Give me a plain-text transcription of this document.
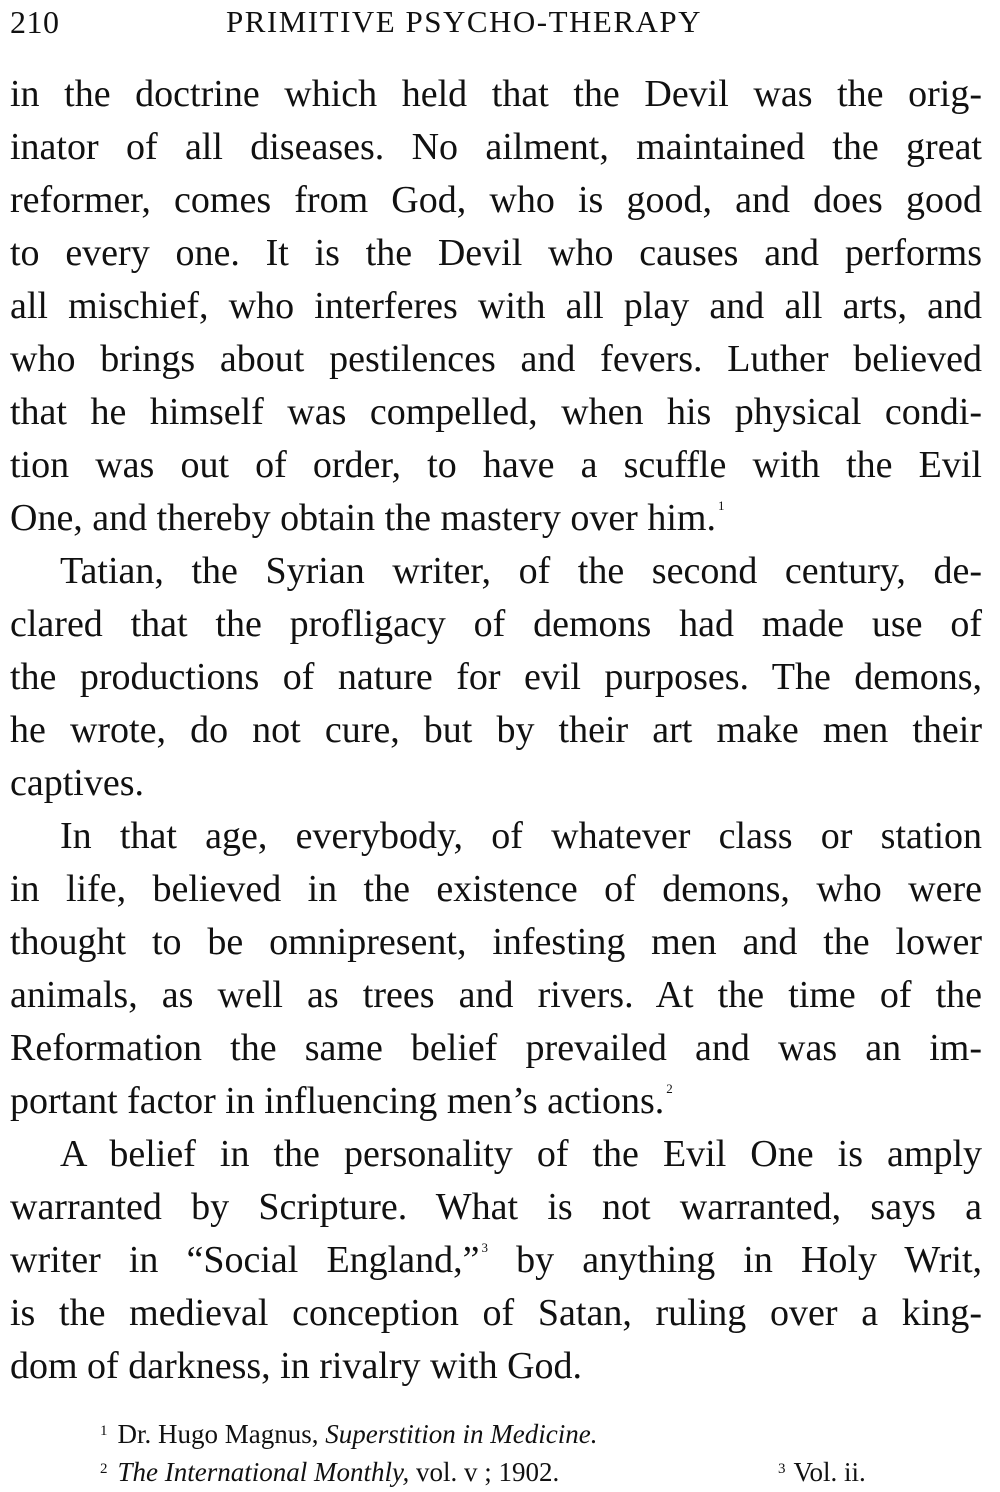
210	PRIMITIVE PSYCHO-THERAPY
in the doctrine which held that the Devil was the orig-
inator of all diseases. No ailment, maintained the great
reformer, comes from God, who is good, and does good
to every one. It is the Devil who causes and performs
all mischief, who interferes with all play and all arts, and
who brings about pestilences and fevers. Luther believed
that he himself was compelled, when his physical condi-
tion was out of order, to have a scuffle with the Evil
One, and thereby obtain the mastery over him. $^1$
Tatian, the Syrian writer, of the second century, de-
clared that the profligacy of demons had made use of
the productions of nature for evil purposes. The demons,
he wrote, do not cure, but by their art make men their
captives.
In that age, everybody, of whatever class or station
in life, believed in the existence of demons, who were
thought to be omnipresent, infesting men and the lower
animals, as well as trees and rivers. At the time of the
Reformation the same belief prevailed and was an im-
portant factor in influencing men’s actions. $^2$
A belief in the personality of the Evil One is amply
warranted by Scripture. What is not warranted, says a
writer in “Social England,” $^3$ by anything in Holy Writ,
is the medieval conception of Satan, ruling over a king-
dom of darkness, in rivalry with God.
$^1$ Dr. Hugo Magnus, Superstition in Medicine.
$^2$ The International Monthly, vol. v ; 1902.	$^3$ Vol. ii.
